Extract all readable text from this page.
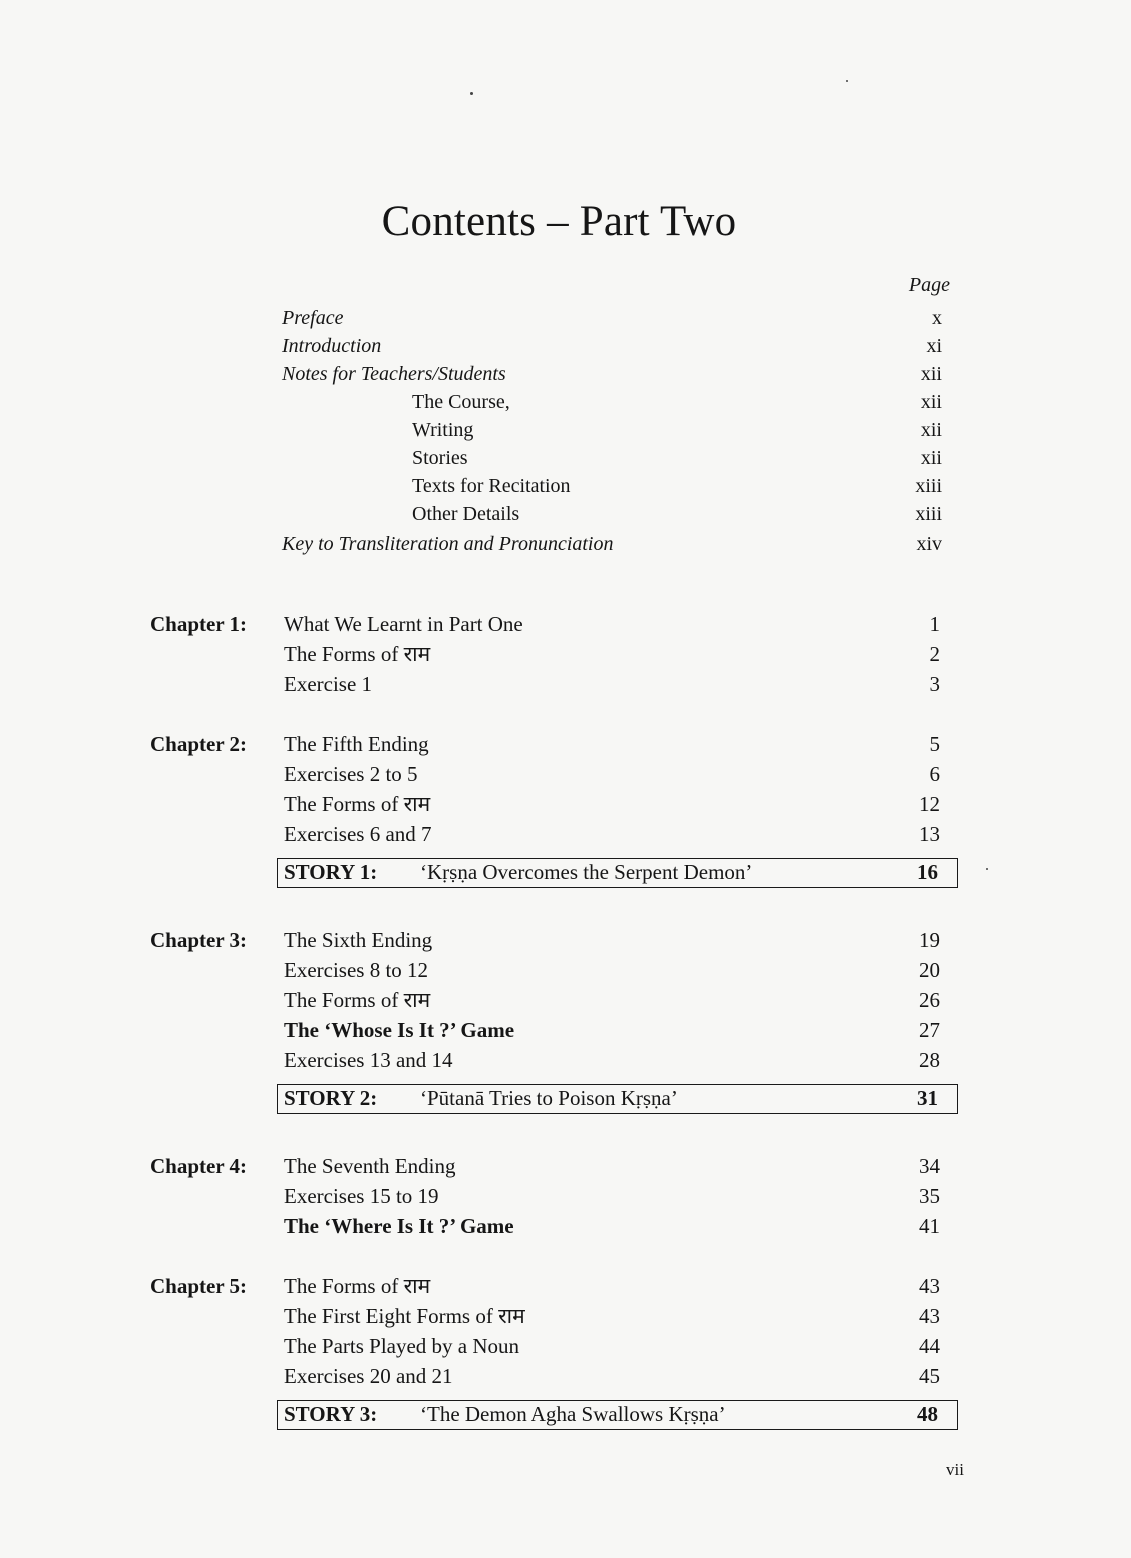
Contents – Part Two
Page
Preface	x
Introduction	xi
Notes for Teachers/Students	xii
The Course,	xii
Writing	xii
Stories	xii
Texts for Recitation	xiii
Other Details	xiii
Key to Transliteration and Pronunciation	xiv
Chapter 1: What We Learnt in Part One	1
The Forms of राम	2
Exercise 1	3
Chapter 2: The Fifth Ending	5
Exercises 2 to 5	6
The Forms of राम	12
Exercises 6 and 7	13
STORY 1: ‘Kṛṣṇa Overcomes the Serpent Demon’	16
Chapter 3: The Sixth Ending	19
Exercises 8 to 12	20
The Forms of राम	26
The ‘Whose Is It ?’ Game	27
Exercises 13 and 14	28
STORY 2: ‘Pūtanā Tries to Poison Kṛṣṇa’	31
Chapter 4: The Seventh Ending	34
Exercises 15 to 19	35
The ‘Where Is It ?’ Game	41
Chapter 5: The Forms of राम	43
The First Eight Forms of राम	43
The Parts Played by a Noun	44
Exercises 20 and 21	45
STORY 3: ‘The Demon Agha Swallows Kṛṣṇa’	48
vii
